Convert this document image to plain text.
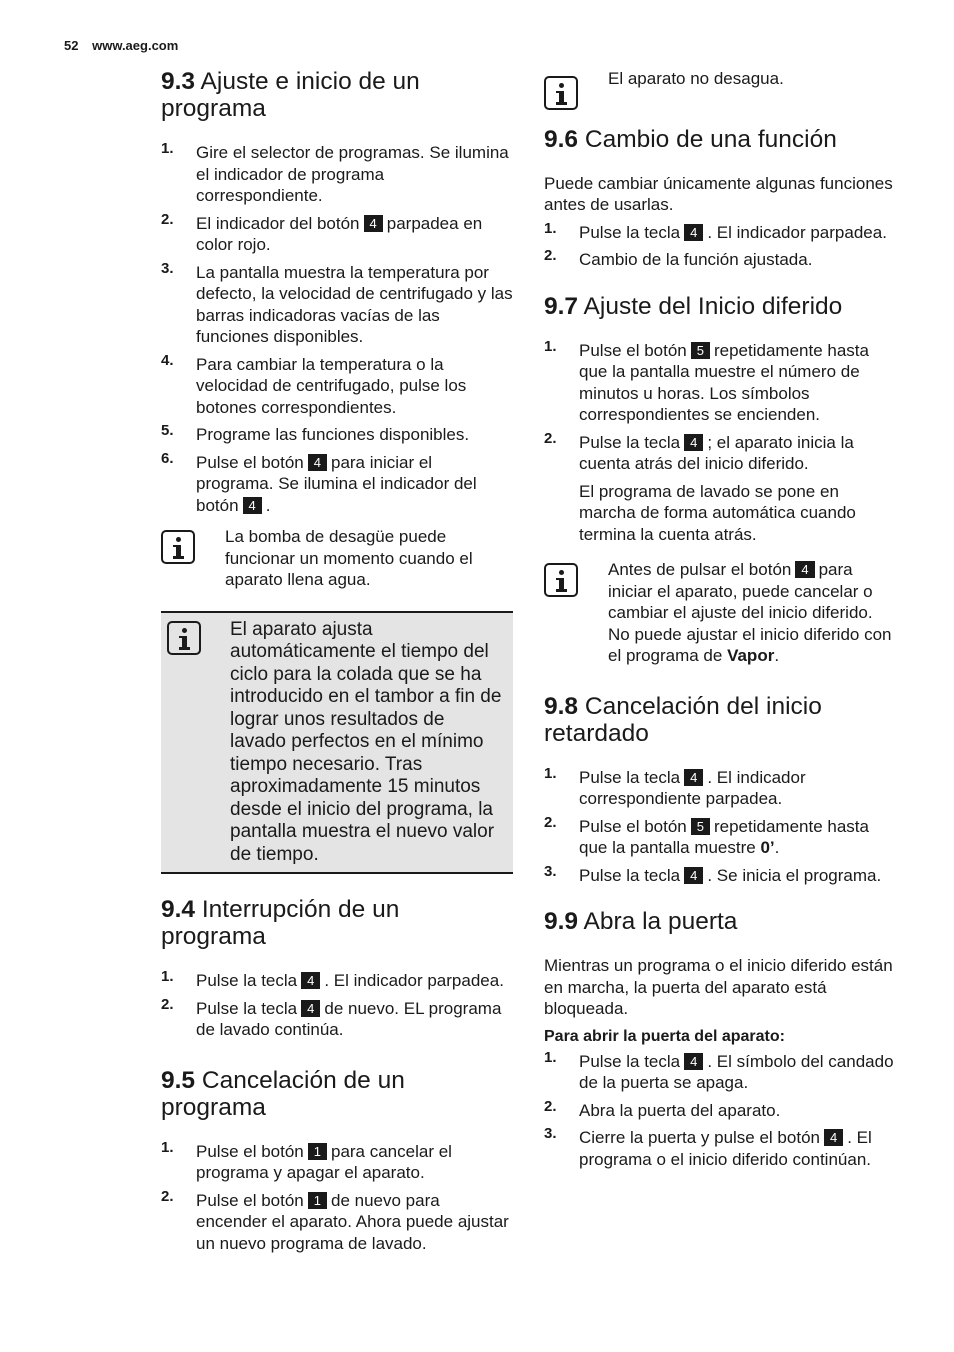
52 www.aeg.com
9.3 Ajuste e inicio de un
programa
1. Gire el selector de programas. Se ilumina el indicador de programa correspondiente.
2. El indicador del botón 4 parpadea en color rojo.
3. La pantalla muestra la temperatura por defecto, la velocidad de centrifugado y las barras indicadoras vacías de las funciones disponibles.
4. Para cambiar la temperatura o la velocidad de centrifugado, pulse los botones correspondientes.
5. Programe las funciones disponibles.
6. Pulse el botón 4 para iniciar el programa. Se ilumina el indicador del botón 4 .

La bomba de desagüe puede funcionar un momento cuando el aparato llena agua.

El aparato ajusta automáticamente el tiempo del ciclo para la colada que se ha introducido en el tambor a fin de lograr unos resultados de lavado perfectos en el mínimo tiempo necesario. Tras aproximadamente 15 minutos desde el inicio del programa, la pantalla muestra el nuevo valor de tiempo.

9.4 Interrupción de un
programa
1. Pulse la tecla 4 . El indicador parpadea.
2. Pulse la tecla 4 de nuevo. EL programa de lavado continúa.
9.5 Cancelación de un
programa
1. Pulse el botón 1 para cancelar el programa y apagar el aparato.
2. Pulse el botón 1 de nuevo para encender el aparato. Ahora puede ajustar un nuevo programa de lavado.

El aparato no desagua.

9.6 Cambio de una función

Puede cambiar únicamente algunas funciones antes de usarlas.

1. Pulse la tecla 4 . El indicador parpadea.
2. Cambio de la función ajustada.
9.7 Ajuste del Inicio diferido
1. Pulse el botón 5 repetidamente hasta que la pantalla muestre el número de minutos u horas. Los símbolos correspondientes se encienden.
2. Pulse la tecla 4 ; el aparato inicia la cuenta atrás del inicio diferido.

El programa de lavado se pone en marcha de forma automática cuando termina la cuenta atrás.

Antes de pulsar el botón 4 para iniciar el aparato, puede cancelar o cambiar el ajuste del inicio diferido.

No puede ajustar el inicio diferido con el programa de Vapor.

9.8 Cancelación del inicio
retardado
1. Pulse la tecla 4 . El indicador correspondiente parpadea.
2. Pulse el botón 5 repetidamente hasta que la pantalla muestre 0’.
3. Pulse la tecla 4 . Se inicia el programa.
9.9 Abra la puerta

Mientras un programa o el inicio diferido están en marcha, la puerta del aparato está bloqueada.

Para abrir la puerta del aparato:

1. Pulse la tecla 4 . El símbolo del candado de la puerta se apaga.
2. Abra la puerta del aparato.
3. Cierre la puerta y pulse el botón 4 . El programa o el inicio diferido continúan.
